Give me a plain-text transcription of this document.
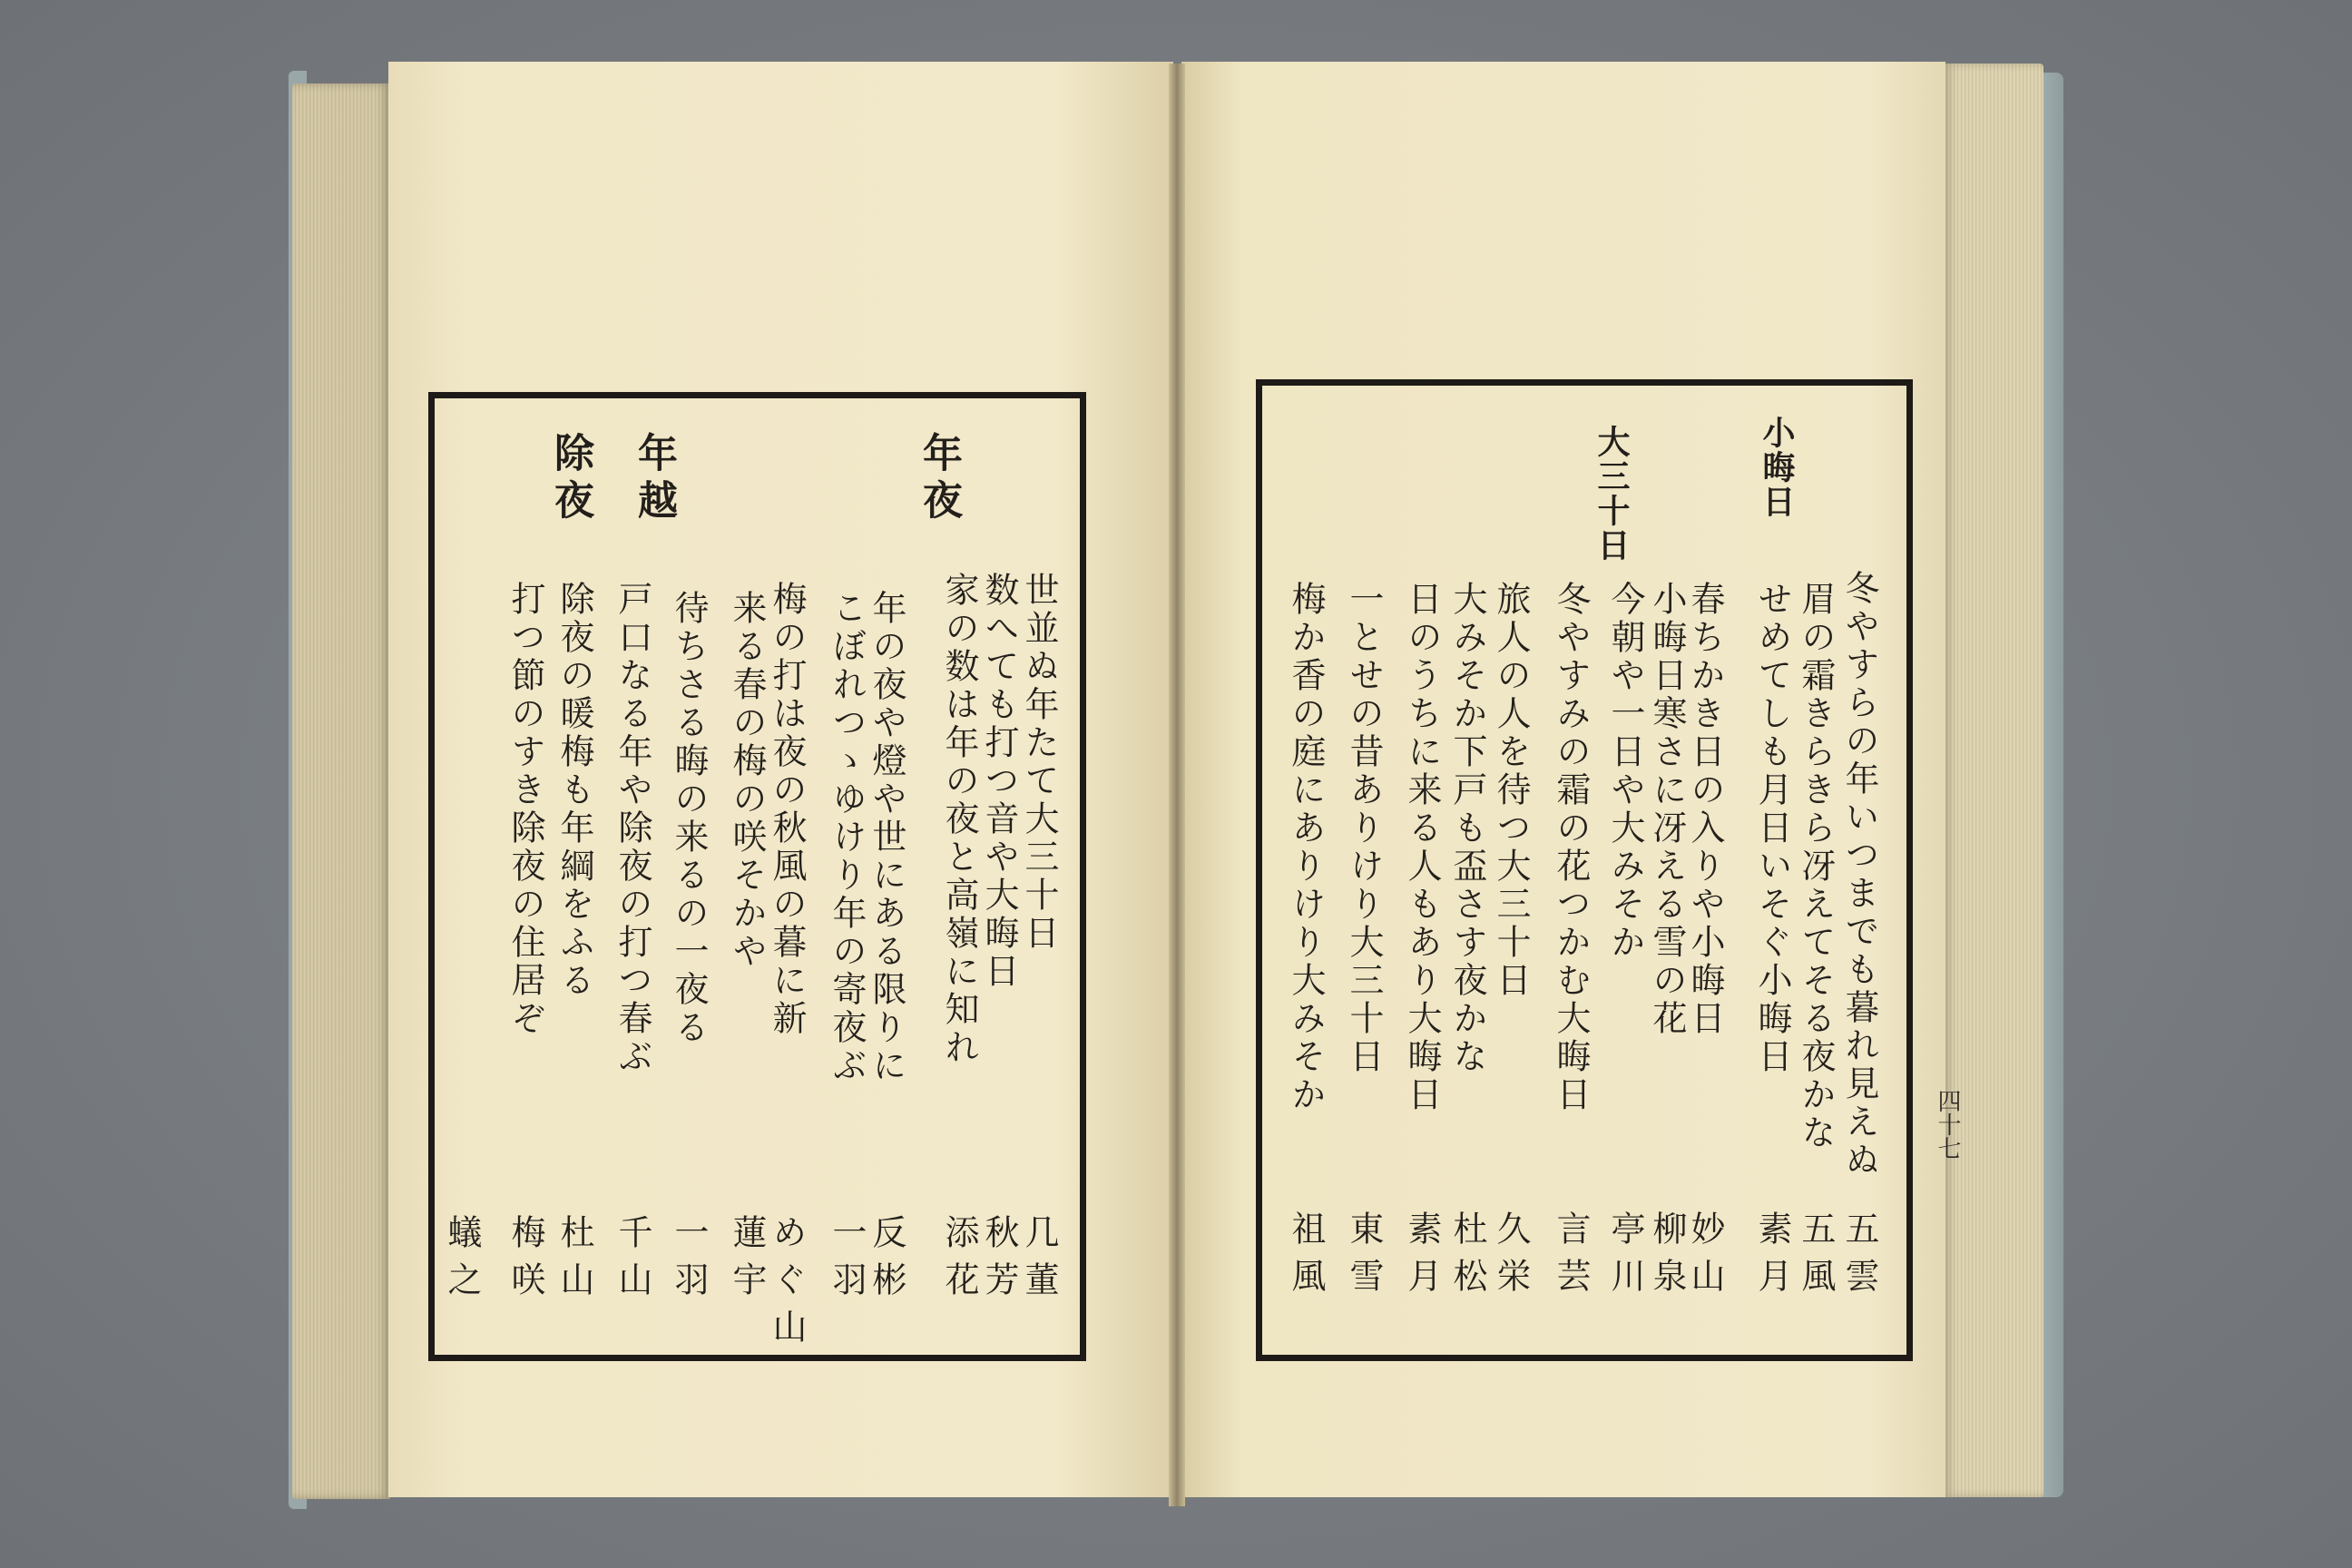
年夜
年越
除夜
世並ぬ年たて大三十日
几董
数へても打つ音や大晦日
秋芳
家の数は年の夜と高嶺に知れ
添花
年の夜や燈や世にある限りに
反彬
こぼれつゝゆけり年の寄夜ぶ
一羽
梅の打は夜の秋風の暮に新
めぐ山
来る春の梅の咲そかや
蓮宇
待ちさる晦の来るの一夜る
一羽
戸口なる年や除夜の打つ春ぶ
千山
除夜の暖梅も年綱をふる
杜山
打つ節のすき除夜の住居ぞ
梅咲
蟻之
小晦日
大三十日
冬やすらの年いつまでも暮れ見えぬ
五雲
眉の霜きらきら冴えてそる夜かな
五風
せめてしも月日いそぐ小晦日
素月
春ちかき日の入りや小晦日
妙山
小晦日寒さに冴える雪の花
柳泉
今朝や一日や大みそか
亭川
冬やすみの霜の花つかむ大晦日
言芸
旅人の人を待つ大三十日
久栄
大みそか下戸も盃さす夜かな
杜松
日のうちに来る人もあり大晦日
素月
一とせの昔ありけり大三十日
東雪
梅か香の庭にありけり大みそか
祖風
四十七
